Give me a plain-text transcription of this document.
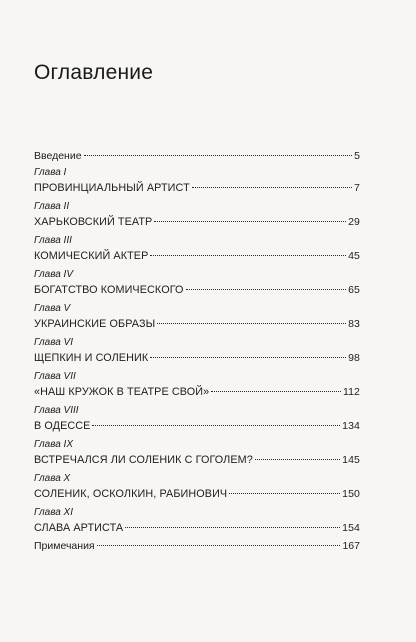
Оглавление
Введение	5
Глава I
ПРОВИНЦИАЛЬНЫЙ АРТИСТ	7
Глава II
ХАРЬКОВСКИЙ ТЕАТР	29
Глава III
КОМИЧЕСКИЙ АКТЕР	45
Глава IV
БОГАТСТВО КОМИЧЕСКОГО	65
Глава V
УКРАИНСКИЕ ОБРАЗЫ	83
Глава VI
ЩЕПКИН И СОЛЕНИК	98
Глава VII
«НАШ КРУЖОК В ТЕАТРЕ СВОЙ»	112
Глава VIII
В ОДЕССЕ	134
Глава IX
ВСТРЕЧАЛСЯ ЛИ СОЛЕНИК С ГОГОЛЕМ?	145
Глава X
СОЛЕНИК, ОСКОЛКИН, РАБИНОВИЧ	150
Глава XI
СЛАВА АРТИСТА	154
Примечания	167
